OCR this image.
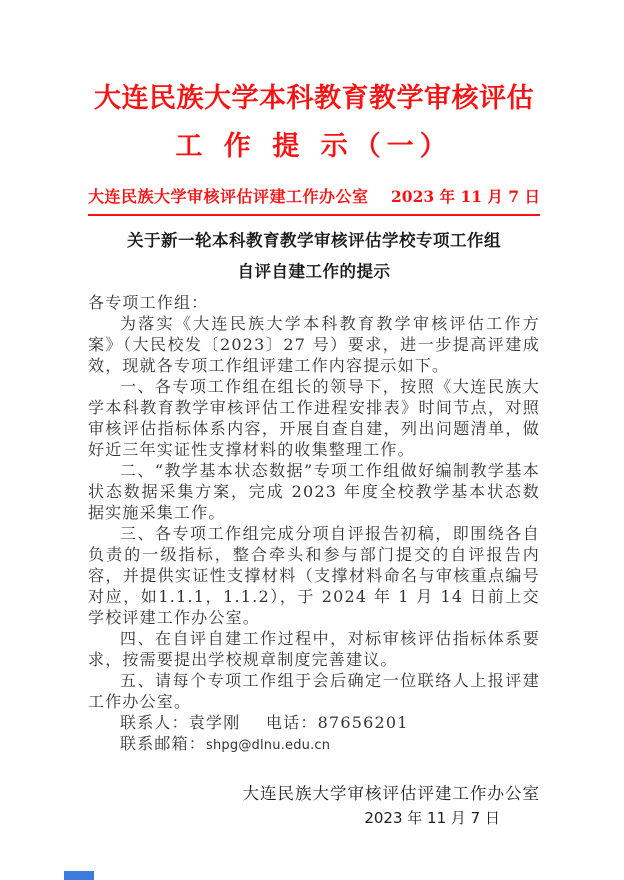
大连民族大学本科教育教学审核评估
工 作 提 示（一）
大连民族大学审核评估评建工作办公室 2023 年 11 月 7 日
关于新一轮本科教育教学审核评估学校专项工作组
自评自建工作的提示

各专项工作组：

为落实《大连民族大学本科教育教学审核评估工作方案》（大民校发〔2023〕27 号）要求，进一步提高评建成效，现就各专项工作组评建工作内容提示如下。

一、各专项工作组在组长的领导下，按照《大连民族大学本科教育教学审核评估工作进程安排表》时间节点，对照审核评估指标体系内容，开展自查自建，列出问题清单，做好近三年实证性支撑材料的收集整理工作。

二、“教学基本状态数据”专项工作组做好编制教学基本状态数据采集方案，完成 2023 年度全校教学基本状态数据实施采集工作。

三、各专项工作组完成分项自评报告初稿，即围绕各自负责的一级指标，整合牵头和参与部门提交的自评报告内容，并提供实证性支撑材料（支撑材料命名与审核重点编号对应，如1.1.1，1.1.2），于 2024 年 1 月 14 日前上交学校评建工作办公室。

四、在自评自建工作过程中，对标审核评估指标体系要求，按需要提出学校规章制度完善建议。

五、请每个专项工作组于会后确定一位联络人上报评建工作办公室。

联系人：袁学刚 电话：87656201

联系邮箱：shpg@dlnu.edu.cn

大连民族大学审核评估评建工作办公室
2023 年 11 月 7 日
